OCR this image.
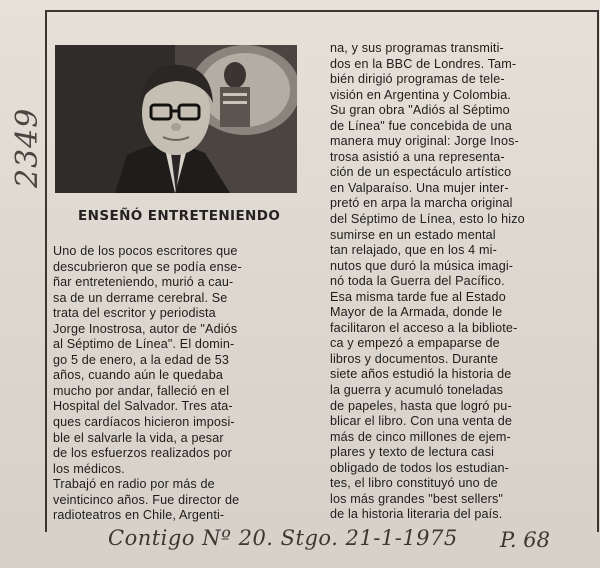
2349
ENSEÑÓ ENTRETENIENDO
Uno de los pocos escritores que
descubrieron que se podía ense-
ñar entreteniendo, murió a cau-
sa de un derrame cerebral. Se
trata del escritor y periodista
Jorge Inostrosa, autor de "Adiós
al Séptimo de Línea". El domin-
go 5 de enero, a la edad de 53
años, cuando aún le quedaba
mucho por andar, falleció en el
Hospital del Salvador. Tres ata-
ques cardíacos hicieron imposi-
ble el salvarle la vida, a pesar
de los esfuerzos realizados por
los médicos.
Trabajó en radio por más de
veinticinco años. Fue director de
radioteatros en Chile, Argenti-
na, y sus programas transmiti-
dos en la BBC de Londres. Tam-
bién dirigió programas de tele-
visión en Argentina y Colombia.
Su gran obra "Adiós al Séptimo
de Línea" fue concebida de una
manera muy original: Jorge Inos-
trosa asistió a una representa-
ción de un espectáculo artístico
en Valparaíso. Una mujer inter-
pretó en arpa la marcha original
del Séptimo de Línea, esto lo hizo
sumirse en un estado mental
tan relajado, que en los 4 mi-
nutos que duró la música imagi-
nó toda la Guerra del Pacífico.
Esa misma tarde fue al Estado
Mayor de la Armada, donde le
facilitaron el acceso a la bibliote-
ca y empezó a empaparse de
libros y documentos. Durante
siete años estudió la historia de
la guerra y acumuló toneladas
de papeles, hasta que logró pu-
blicar el libro. Con una venta de
más de cinco millones de ejem-
plares y texto de lectura casi
obligado de todos los estudian-
tes, el libro constituyó uno de
los más grandes "best sellers"
de la historia literaria del país.
Contigo Nº 20. Stgo. 21-1-1975	P. 68
